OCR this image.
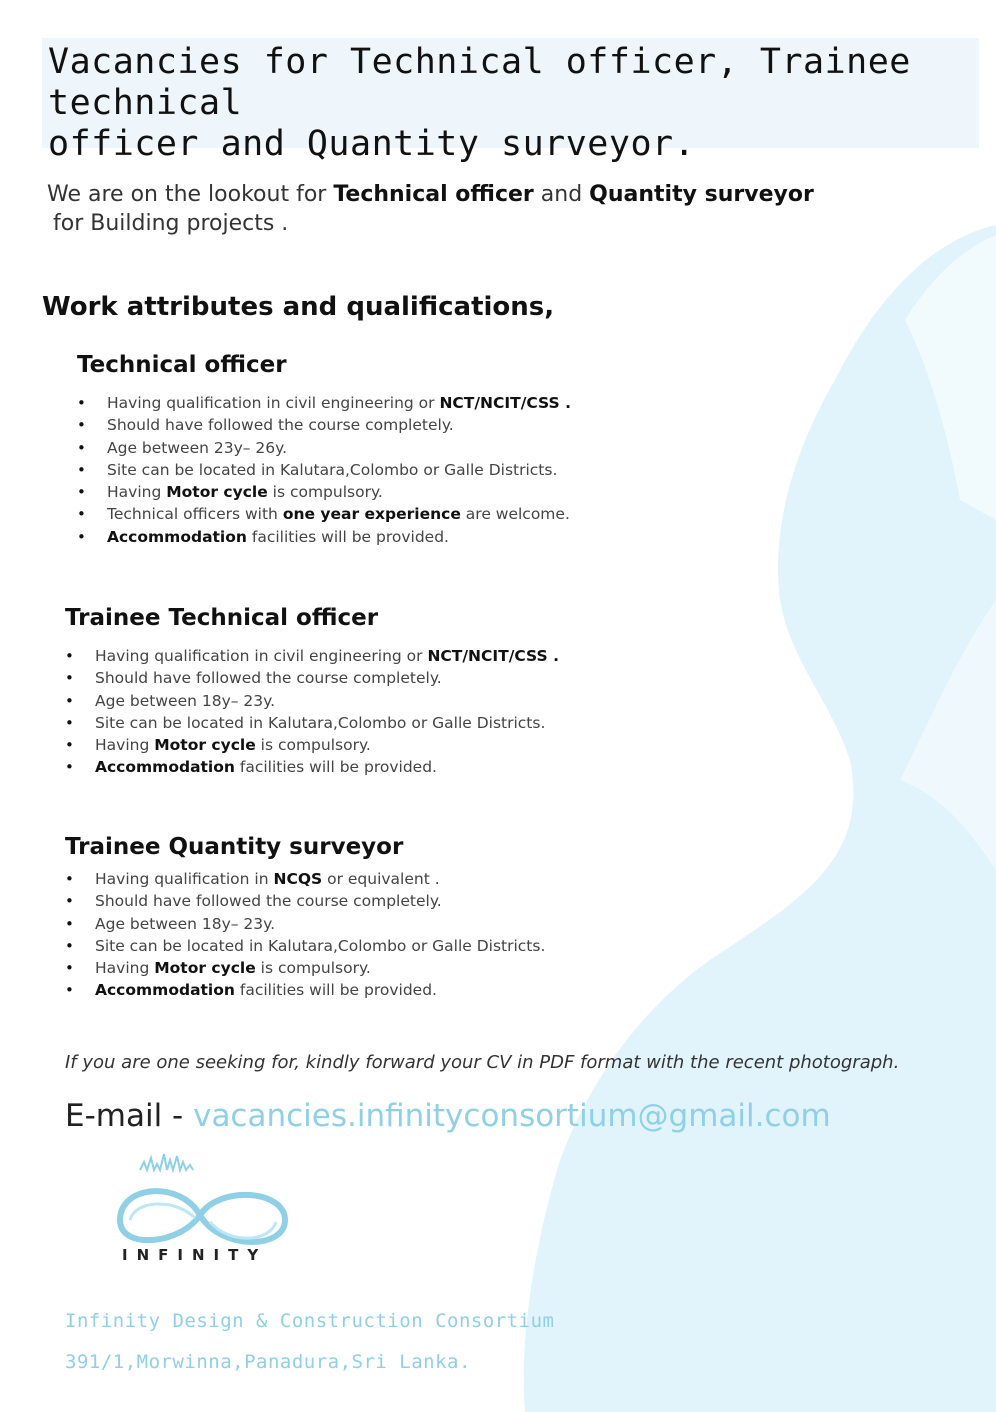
Vacancies for Technical officer, Trainee technical
officer and Quantity surveyor.
We are on the lookout for Technical officer and Quantity surveyor
for Building projects .
Work attributes and qualifications,
Technical officer
• Having qualification in civil engineering or NCT/NCIT/CSS .
• Should have followed the course completely.
• Age between 23y– 26y.
• Site can be located in Kalutara,Colombo or Galle Districts.
• Having Motor cycle is compulsory.
• Technical officers with one year experience are welcome.
• Accommodation facilities will be provided.
Trainee Technical officer
• Having qualification in civil engineering or NCT/NCIT/CSS .
• Should have followed the course completely.
• Age between 18y– 23y.
• Site can be located in Kalutara,Colombo or Galle Districts.
• Having Motor cycle is compulsory.
• Accommodation facilities will be provided.
Trainee Quantity surveyor
• Having qualification in NCQS or equivalent .
• Should have followed the course completely.
• Age between 18y– 23y.
• Site can be located in Kalutara,Colombo or Galle Districts.
• Having Motor cycle is compulsory.
• Accommodation facilities will be provided.
If you are one seeking for, kindly forward your CV in PDF format with the recent photograph.
E-mail - vacancies.infinityconsortium@gmail.com
INFINITY
Infinity Design & Construction Consortium
391/1,Morwinna,Panadura,Sri Lanka.
